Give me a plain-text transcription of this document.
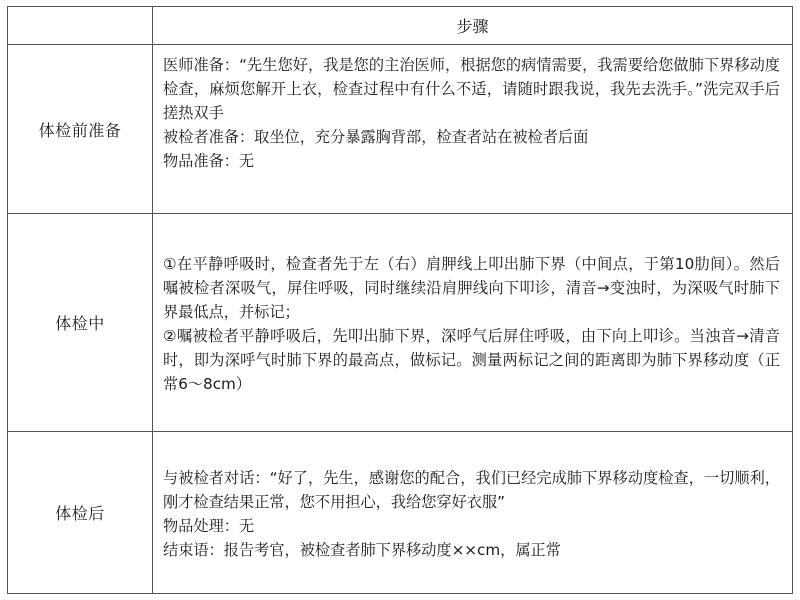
步骤
体检前准备

医师准备：“先生您好，我是您的主治医师，根据您的病情需要，我需要给您做肺下界移动度检查，麻烦您解开上衣，检查过程中有什么不适，请随时跟我说，我先去洗手。”洗完双手后搓热双手

被检者准备：取坐位，充分暴露胸背部，检查者站在被检者后面

物品准备：无

体检中

①在平静呼吸时，检查者先于左（右）肩胛线上叩出肺下界（中间点，于第10肋间）。然后嘱被检者深吸气，屏住呼吸，同时继续沿肩胛线向下叩诊，清音→变浊时，为深吸气时肺下界最低点，并标记；

②嘱被检者平静呼吸后，先叩出肺下界，深呼气后屏住呼吸，由下向上叩诊。当浊音→清音时，即为深呼气时肺下界的最高点，做标记。测量两标记之间的距离即为肺下界移动度（正常6～8cm）

体检后

与被检者对话：“好了，先生，感谢您的配合，我们已经完成肺下界移动度检查，一切顺利，刚才检查结果正常，您不用担心，我给您穿好衣服”

物品处理：无

结束语：报告考官，被检查者肺下界移动度××cm，属正常
